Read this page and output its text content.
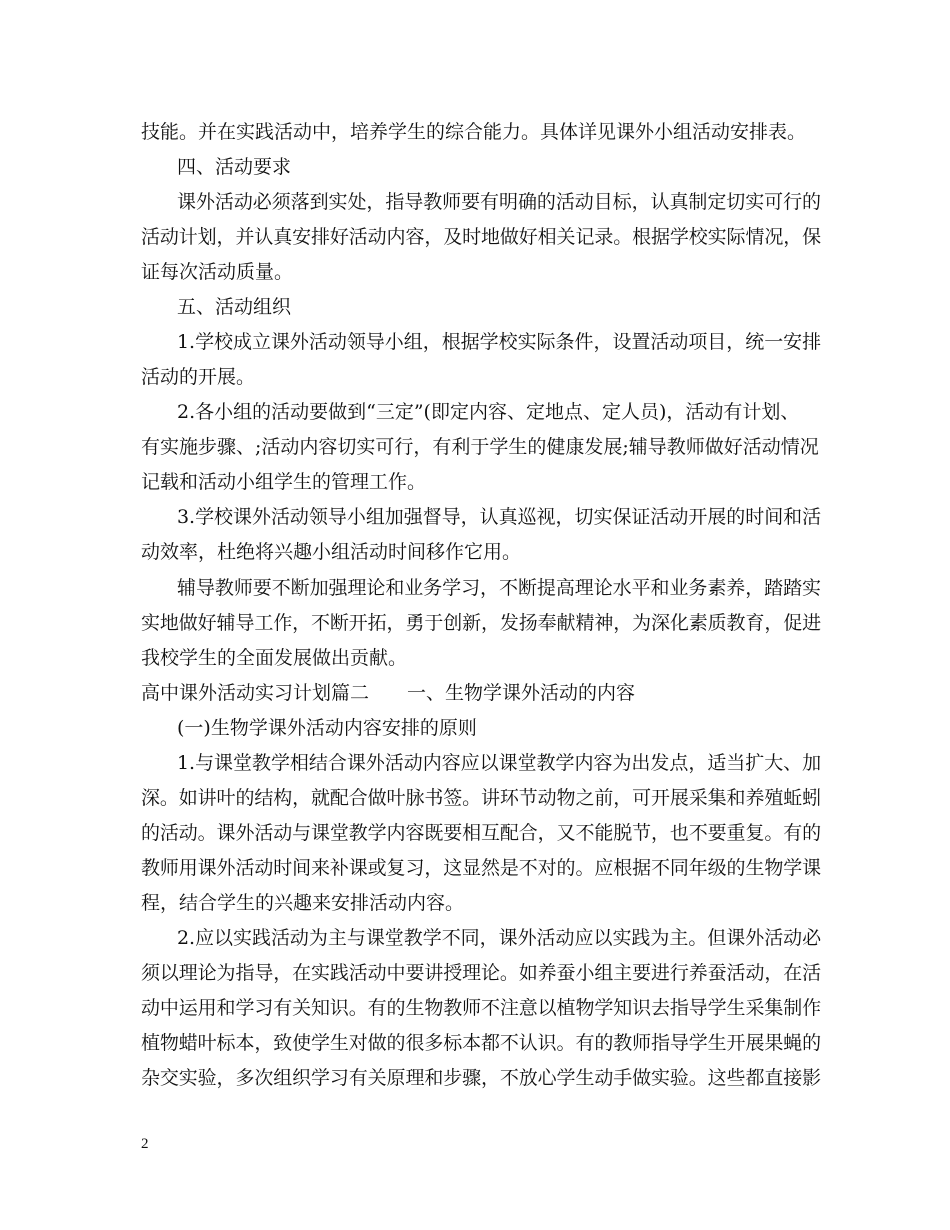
技能。并在实践活动中，培养学生的综合能力。具体详见课外小组活动安排表。
四、活动要求
课外活动必须落到实处，指导教师要有明确的活动目标，认真制定切实可行的
活动计划，并认真安排好活动内容，及时地做好相关记录。根据学校实际情况，保
证每次活动质量。
五、活动组织
1.学校成立课外活动领导小组，根据学校实际条件，设置活动项目，统一安排
活动的开展。
2.各小组的活动要做到“三定”(即定内容、定地点、定人员)，活动有计划、
有实施步骤、;活动内容切实可行，有利于学生的健康发展;辅导教师做好活动情况
记载和活动小组学生的管理工作。
3.学校课外活动领导小组加强督导，认真巡视，切实保证活动开展的时间和活
动效率，杜绝将兴趣小组活动时间移作它用。
辅导教师要不断加强理论和业务学习，不断提高理论水平和业务素养，踏踏实
实地做好辅导工作，不断开拓，勇于创新，发扬奉献精神，为深化素质教育，促进
我校学生的全面发展做出贡献。
高中课外活动实习计划篇二　　一、生物学课外活动的内容
(一)生物学课外活动内容安排的原则
1.与课堂教学相结合课外活动内容应以课堂教学内容为出发点，适当扩大、加
深。如讲叶的结构，就配合做叶脉书签。讲环节动物之前，可开展采集和养殖蚯蚓
的活动。课外活动与课堂教学内容既要相互配合，又不能脱节，也不要重复。有的
教师用课外活动时间来补课或复习，这显然是不对的。应根据不同年级的生物学课
程，结合学生的兴趣来安排活动内容。
2.应以实践活动为主与课堂教学不同，课外活动应以实践为主。但课外活动必
须以理论为指导，在实践活动中要讲授理论。如养蚕小组主要进行养蚕活动，在活
动中运用和学习有关知识。有的生物教师不注意以植物学知识去指导学生采集制作
植物蜡叶标本，致使学生对做的很多标本都不认识。有的教师指导学生开展果蝇的
杂交实验，多次组织学习有关原理和步骤，不放心学生动手做实验。这些都直接影
2
